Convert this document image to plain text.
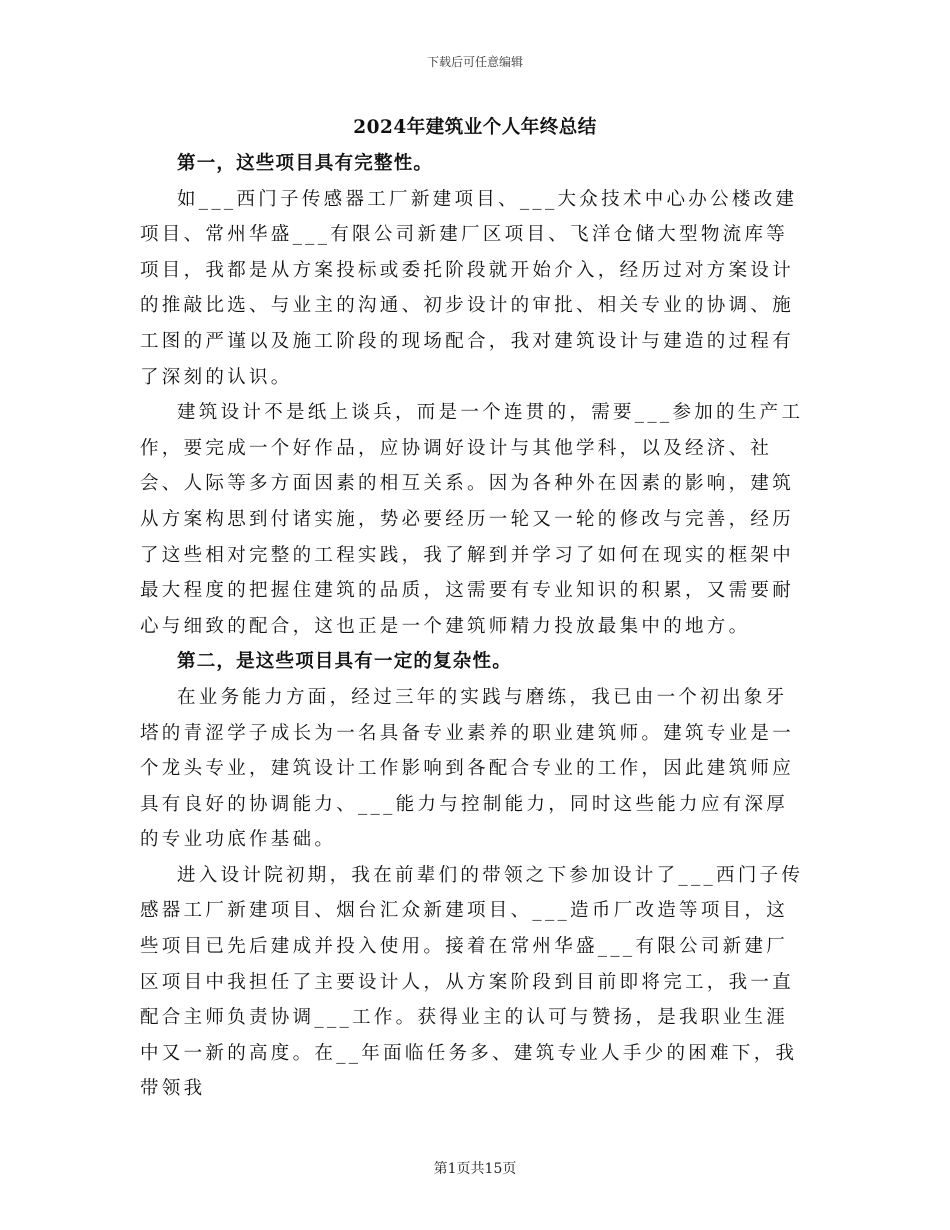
下载后可任意编辑
2024年建筑业个人年终总结

第一，这些项目具有完整性。

如___西门子传感器工厂新建项目、___大众技术中心办公楼改建项目、常州华盛___有限公司新建厂区项目、飞洋仓储大型物流库等项目，我都是从方案投标或委托阶段就开始介入，经历过对方案设计的推敲比选、与业主的沟通、初步设计的审批、相关专业的协调、施工图的严谨以及施工阶段的现场配合，我对建筑设计与建造的过程有了深刻的认识。

建筑设计不是纸上谈兵，而是一个连贯的，需要___参加的生产工作，要完成一个好作品，应协调好设计与其他学科，以及经济、社会、人际等多方面因素的相互关系。因为各种外在因素的影响，建筑从方案构思到付诸实施，势必要经历一轮又一轮的修改与完善，经历了这些相对完整的工程实践，我了解到并学习了如何在现实的框架中最大程度的把握住建筑的品质，这需要有专业知识的积累，又需要耐心与细致的配合，这也正是一个建筑师精力投放最集中的地方。

第二，是这些项目具有一定的复杂性。

在业务能力方面，经过三年的实践与磨练，我已由一个初出象牙塔的青涩学子成长为一名具备专业素养的职业建筑师。建筑专业是一个龙头专业，建筑设计工作影响到各配合专业的工作，因此建筑师应具有良好的协调能力、___能力与控制能力，同时这些能力应有深厚的专业功底作基础。

进入设计院初期，我在前辈们的带领之下参加设计了___西门子传感器工厂新建项目、烟台汇众新建项目、___造币厂改造等项目，这些项目已先后建成并投入使用。接着在常州华盛___有限公司新建厂区项目中我担任了主要设计人，从方案阶段到目前即将完工，我一直配合主师负责协调___工作。获得业主的认可与赞扬，是我职业生涯中又一新的高度。在__年面临任务多、建筑专业人手少的困难下，我带领我

第1页共15页
